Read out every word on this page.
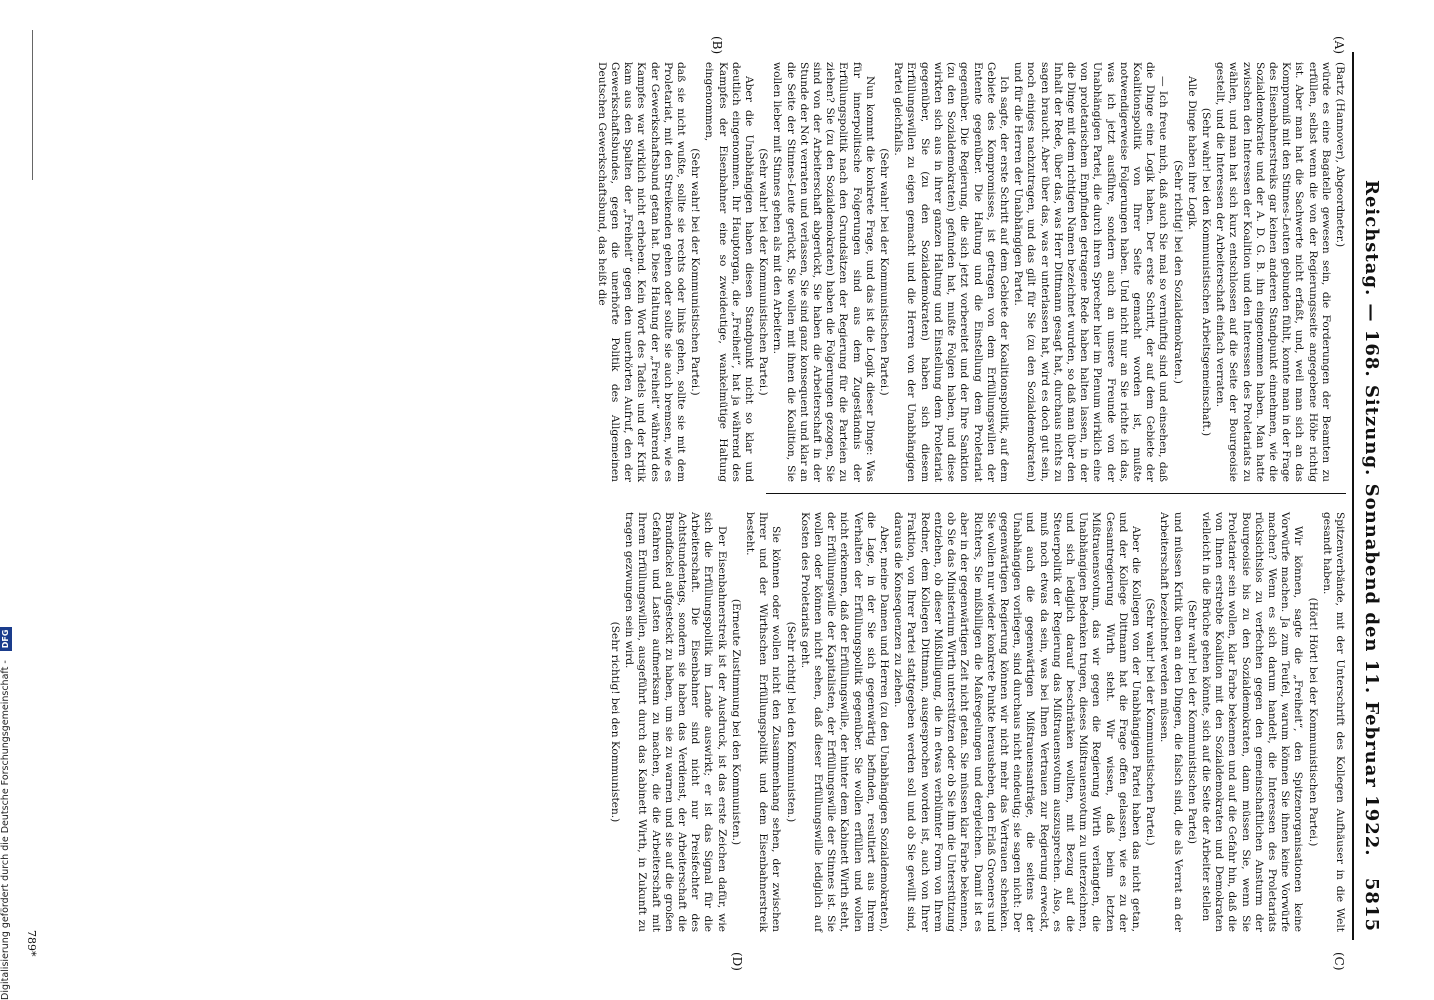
Reichstag. — 168. Sitzung. Sonnabend den 11. Februar 1922.
5815
(A)
(B)
(C)
(D)

(Bartz (Hannover), Abgeordneter.)

würde es eine Bagatelle gewesen sein, die Forderungen der Beamten zu erfüllen, selbst wenn die von der Regierungsseite angegebene Höhe richtig ist. Aber man hat die Sachwerte nicht erfaßt, und, weil man sich an das Kompromiß mit den Stinnes-Leuten gebunden fühlt, konnte man in der Frage des Eisenbahnerstreiks gar keinen anderen Standpunkt einnehmen, wie die Sozialdemokratie und der A. D. G. B. ihn eingenommen haben. Man hatte zwischen den Interessen der Koalition und den Interessen des Proletariats zu wählen, und man hat sich kurz entschlossen auf die Seite der Bourgeoisie gestellt, und die Interessen der Arbeiterschaft einfach verraten.

(Sehr wahr! bei den Kommunistischen Arbeitsgemeinschaft.)

Alle Dinge haben ihre Logik.

(Sehr richtig! bei den Sozialdemokraten.)

— Ich freue mich, daß auch Sie mal so vernünftig sind und einsehen, daß die Dinge eine Logik haben. Der erste Schritt, der auf dem Gebiete der Koalitionspolitik von Ihrer Seite gemacht worden ist, mußte notwendigerweise Folgerungen haben. Und nicht nur an Sie richte ich das, was ich jetzt ausführe, sondern auch an unsere Freunde von der Unabhängigen Partei, die durch ihren Sprecher hier im Plenum wirklich eine von proletarischem Empfinden getragene Rede haben halten lassen, in der die Dinge mit dem richtigen Namen bezeichnet wurden, so daß man über den Inhalt der Rede, über das, was Herr Dittmann gesagt hat, durchaus nichts zu sagen braucht. Aber über das, was er unterlassen hat, wird es doch gut sein, noch einiges nachzutragen, und das gilt für Sie (zu den Sozialdemokraten) und für die Herren der Unabhängigen Partei.

Ich sagte, der erste Schritt auf dem Gebiete der Koalitionspolitik, auf dem Gebiete des Kompromisses, ist getragen von dem Erfüllungswillen der Entente gegenüber. Die Haltung und die Einstellung dem Proletariat gegenüber. Die Regierung, die sich jetzt vorbereitet und der Ihre Sanktion (zu den Sozialdemokraten) gefunden hat, mußte Folgen haben, und diese wirkten sich aus in ihrer ganzen Haltung und Einstellung dem Proletariat gegenüber, Sie (zu den Sozialdemokraten) haben sich diesem Erfüllungswillen zu eigen gemacht und die Herren von der Unabhängigen Partei gleichfalls.

(Sehr wahr! bei der Kommunistischen Partei.)

Nun kommt die konkrete Frage, und das ist die Logik dieser Dinge: Was für innerpolitische Folgerungen sind aus dem Zugeständnis der Erfüllungspolitik nach den Grundsätzen der Regierung für die Parteien zu ziehen? Sie (zu den Sozialdemokraten) haben die Folgerungen gezogen, Sie sind von der Arbeiterschaft abgerückt, Sie haben die Arbeiterschaft in der Stunde der Not verraten und verlassen, Sie sind ganz konsequent und klar an die Seite der Stinnes-Leute gerückt, Sie wollen mit ihnen die Koalition, Sie wollen lieber mit Stinnes gehen als mit den Arbeitern.

(Sehr wahr! bei der Kommunistischen Partei.)

Aber die Unabhängigen haben diesen Standpunkt nicht so klar und deutlich eingenommen. Ihr Hauptorgan, die „Freiheit“, hat ja während des Kampfes der Eisenbahner eine so zweideutige, wankelmütige Haltung eingenommen,

(Sehr wahr! bei der Kommunistischen Partei.)

daß sie nicht wußte, sollte sie rechts oder links gehen, sollte sie mit dem Proletariat, mit den Streikenden gehen oder sollte sie auch bremsen, wie es der Gewerkschaftsbund getan hat. Diese Haltung der „Freiheit“ während des Kampfes war wirklich nicht erhebend. Kein Wort des Tadels und der Kritik kam aus den Spalten der „Freiheit“ gegen den unerhörten Aufruf, den der Gewerkschaftsbundes, gegen die unerhörte Politik des Allgemeinen Deutschen Gewerkschaftsbund, das heißt die

Spitzenverbände, mit der Unterschrift des Kollegen Aufhäuser in die Welt gesandt haben.

(Hört! Hört! bei der Kommunistischen Partei.)

Wir können, sagte die „Freiheit“, den Spitzenorganisationen keine Vorwürfe machen. Ja zum Teufel, warum können Sie ihnen keine Vorwürfe machen? Wenn es sich darum handelt, die Interessen des Proletariats rücksichtslos zu verfechten gegen den gemeinschaftlichen Ansturm der Bourgeoisie bis zu den Sozialdemokraten, dann müssen Sie, wenn Sie Proletarier sein wollen, klar Farbe bekennen und auf die Gefahr hin, daß die von Ihnen erstrebte Koalition mit den Sozialdemokraten und Demokraten vielleicht in die Brüche gehen könnte, sich auf die Seite der Arbeiter stellen

(Sehr wahr! bei der Kommunistischen Partei)

und müssen Kritik üben an den Dingen, die falsch sind, die als Verrat an der Arbeiterschaft bezeichnet werden müssen.

(Sehr wahr! bei der Kommunistischen Partei.)

Aber die Kollegen von der Unabhängigen Partei haben das nicht getan, und der Kollege Dittmann hat die Frage offen gelassen, wie es zu der Gesamtregierung Wirth steht. Wir wissen, daß beim letzten Mißtrauensvotum, das wir gegen die Regierung Wirth verlangten, die Unabhängigen Bedenken trugen, dieses Mißtrauensvotum zu unterzeichnen, und sich lediglich darauf beschränken wollten, mit Bezug auf die Steuerpolitik der Regierung das Mißtrauensvotum auszusprechen. Also, es muß noch etwas da sein, was bei Ihnen Vertrauen zur Regierung erweckt, und auch die gegenwärtigen Mißtrauensanträge, die seitens der Unabhängigen vorliegen, sind durchaus nicht eindeutig; sie sagen nicht: Der gegenwärtigen Regierung können wir nicht mehr das Vertrauen schenken. Sie wollen nur wieder konkrete Punkte herausheben, den Erlaß Groeners und Richters, Sie mißbilligen die Maßregelungen und dergleichen. Damit ist es aber in der gegenwärtigen Zeit nicht getan. Sie müssen klar Farbe bekennen, ob Sie das Ministerium Wirth unterstützen oder ob Sie ihm die Unterstützung entziehen, ob dieser Mißbilligung, die in etwas verblümter Form von Ihrem Redner, dem Kollegen Dittmann, ausgesprochen worden ist, auch von Ihrer Fraktion, von Ihrer Partei stattgegeben werden soll und ob Sie gewillt sind, daraus die Konsequenzen zu ziehen.

Aber, meine Damen und Herren (zu den Unabhängigen Sozialdemokraten), die Lage, in der Sie sich gegenwärtig befinden, resultiert aus Ihrem Verhalten der Erfüllungspolitik gegenüber. Sie wollen erfüllen und wollen nicht erkennen, daß der Erfüllungswille, der hinter dem Kabinett Wirth steht, der Erfüllungswille der Kapitalisten, der Erfüllungswille der Stinnes ist. Sie wollen oder können nicht sehen, daß dieser Erfüllungswille lediglich auf Kosten des Proletariats geht.

(Sehr richtig! bei den Kommunisten.)

Sie können oder wollen nicht den Zusammenhang sehen, der zwischen Ihrer und der Wirthschen Erfüllungspolitik und dem Eisenbahnerstreik besteht.

(Erneute Zustimmung bei den Kommunisten.)

Der Eisenbahnerstreik ist der Ausdruck, ist das erste Zeichen dafür, wie sich die Erfüllungspolitik im Lande auswirkt; er ist das Signal für die Arbeiterschaft. Die Eisenbahner sind nicht nur Preisfechter des Achtstundentags, sondern sie haben das Verdienst, der Arbeiterschaft die Brandfackel aufgesteckt zu haben, um sie zu warnen und sie auf die großen Gefahren und Lasten aufmerksam zu machen, die die Arbeiterschaft mit Ihrem Erfüllungswillen, ausgeführt durch das Kabinett Wirth, in Zukunft zu tragen gezwungen sein wird.

(Sehr richtig! bei den Kommunisten.)

789*
Digitalisierung gefördert durch die Deutsche Forschungsgemeinschaft - DFG
